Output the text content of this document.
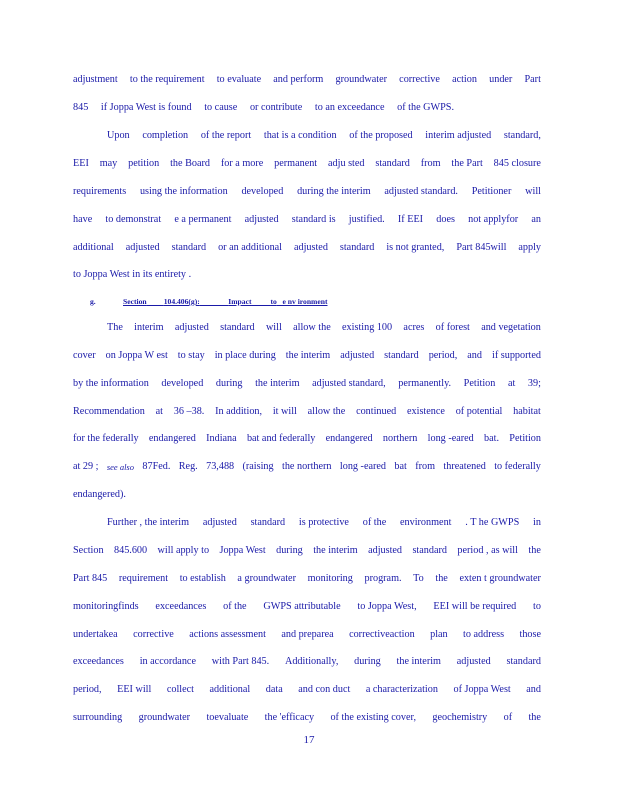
adjustment to the requirement to evaluate and perform groundwater corrective action under Part
845 if Joppa West is found to cause or contribute to an exceedance of the GWPS.
Upon completion of the report that is a condition of the proposed interim adjusted standard,
EEI may petition the Board for a more permanent adju sted standard from the Part 845 closure
requirements using the information developed during the interim adjusted standard. Petitioner will
have to demonstrat e a permanent adjusted standard is justified. If EEI does not applyfor an
additional adjusted standard or an additional adjusted standard is not granted, Part 845will apply
to Joppa West in its entirety .
g.	Section 104.406(g):	Impact to e nv ironment
The interim adjusted standard will allow the existing 100 acres of forest and vegetation
cover on Joppa W est to stay in place during the interim adjusted standard period, and if supported
by the information developed during the interim adjusted standard, permanently. Petition at 39;
Recommendation at 36 –38. In addition, it will allow the continued existence of potential habitat
for the federally endangered Indiana bat and federally endangered northern long -eared bat. Petition
at 29 ; see also 87Fed. Reg. 73,488 (raising the northern long -eared bat from threatened to federally
endangered).
Further , the interim adjusted standard is protective of the environment . T he GWPS in
Section 845.600 will apply to Joppa West during the interim adjusted standard period , as will the
Part 845 requirement to establish a groundwater monitoring program. To the exten t groundwater
monitoringfinds exceedances of the GWPS attributable to Joppa West, EEI will be required to
undertakea corrective actions assessment and preparea correctiveaction plan to address those
exceedances in accordance with Part 845. Additionally, during the interim adjusted standard
period, EEI will collect additional data and con duct a characterization of Joppa West and
surrounding groundwater toevaluate the 'efficacy of the existing cover, geochemistry of the
17
